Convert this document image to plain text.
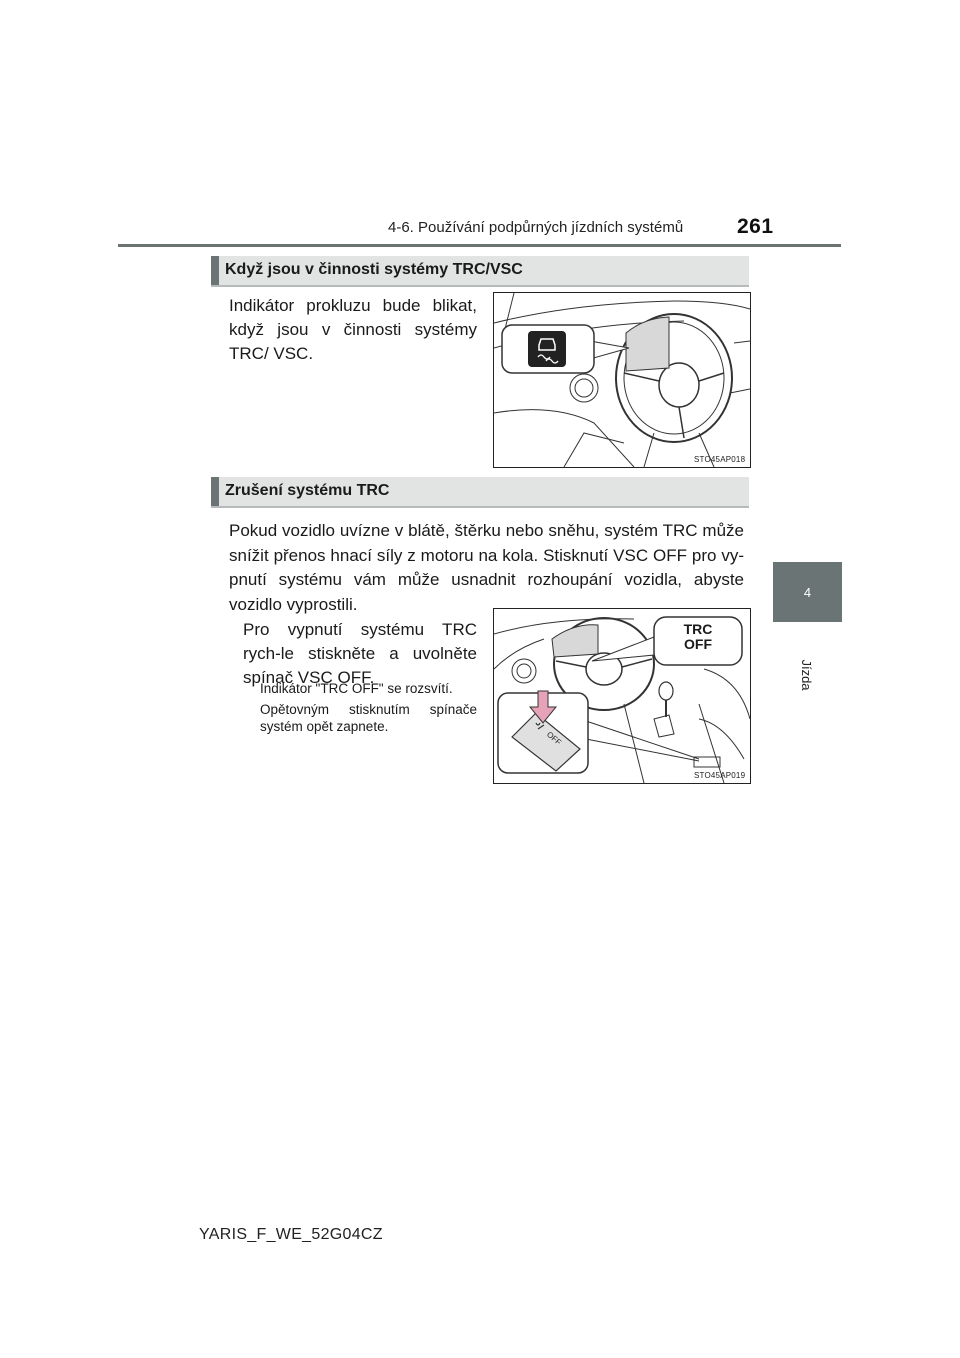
4-6. Používání podpůrných jízdních systémů	261
4
Jízda
Když jsou v činnosti systémy TRC/VSC
Indikátor prokluzu bude blikat, když jsou v činnosti systémy TRC/ VSC.
STO45AP018
Zrušení systému TRC
Pokud vozidlo uvízne v blátě, štěrku nebo sněhu, systém TRC může snížit přenos hnací síly z motoru na kola. Stisknutí VSC OFF pro vy-pnutí systému vám může usnadnit rozhoupání vozidla, abyste vozidlo vyprostili.
Pro vypnutí systému TRC rych-le stiskněte a uvolněte spínač VSC OFF.
Indikátor "TRC OFF" se rozsvítí.
Opětovným stisknutím spínače systém opět zapnete.
TRC
OFF
OFF
STO45AP019
YARIS_F_WE_52G04CZ
